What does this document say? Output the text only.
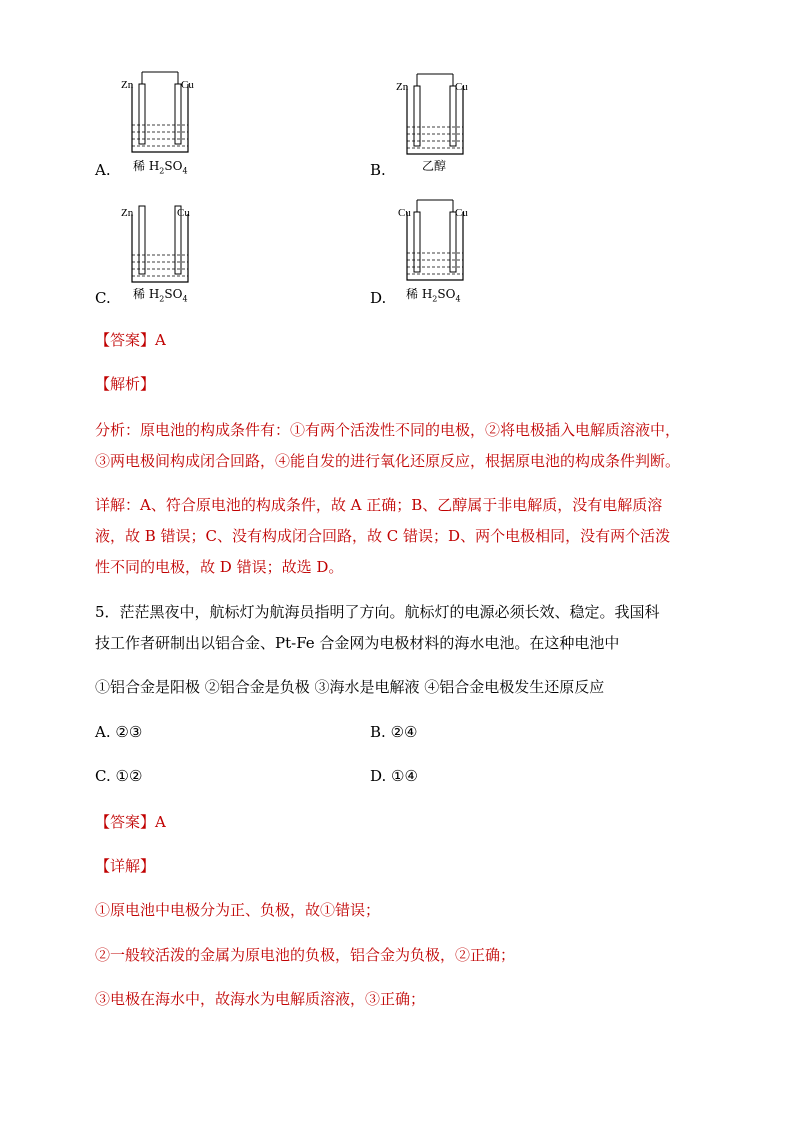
A.
Zn	Cu
稀 $H_2SO_4$	B.
Zn	Cu
乙醇
C.
Zn	Cu
稀 $H_2SO_4$	D.
Cu	Cu
稀 $H_2SO_4$
【答案】A
【解析】
分析：原电池的构成条件有：①有两个活泼性不同的电极，②将电极插入电解质溶液中，
③两电极间构成闭合回路，④能自发的进行氧化还原反应，根据原电池的构成条件判断。
详解：A、符合原电池的构成条件，故 A 正确；B、乙醇属于非电解质，没有电解质溶
液，故 B 错误；C、没有构成闭合回路，故 C 错误；D、两个电极相同，没有两个活泼
性不同的电极，故 D 错误；故选 D。
5．茫茫黑夜中，航标灯为航海员指明了方向。航标灯的电源必须长效、稳定。我国科
技工作者研制出以铝合金、Pt-Fe 合金网为电极材料的海水电池。在这种电池中
①铝合金是阳极 ②铝合金是负极 ③海水是电解液 ④铝合金电极发生还原反应
A. ②③	B. ②④
C. ①②	D. ①④
【答案】A
【详解】
①原电池中电极分为正、负极，故①错误；
②一般较活泼的金属为原电池的负极，铝合金为负极，②正确；
③电极在海水中，故海水为电解质溶液，③正确；
